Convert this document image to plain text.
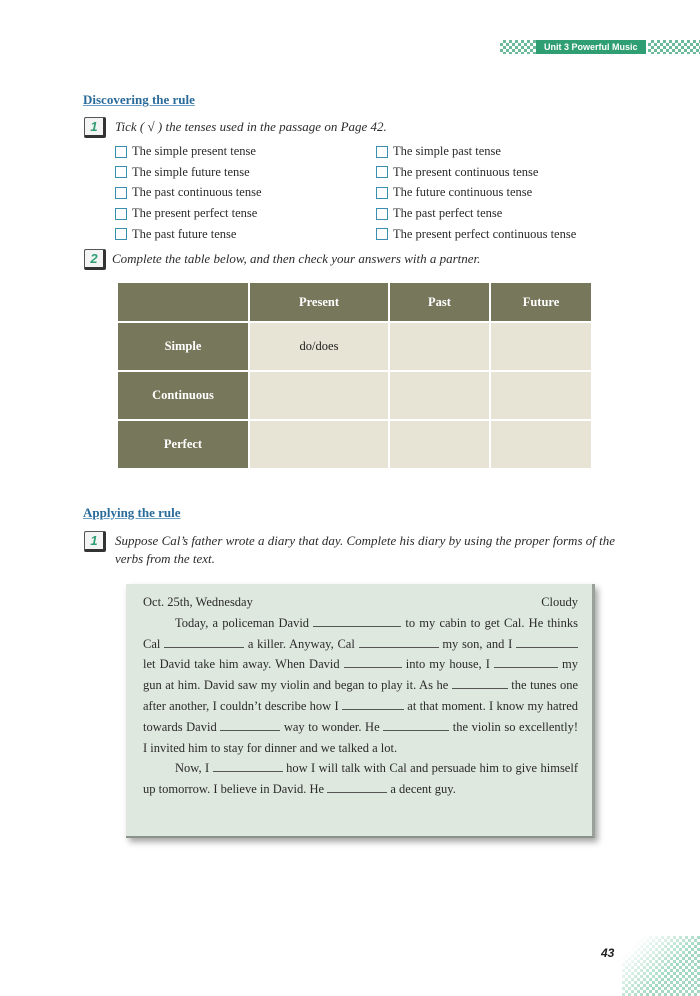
Unit 3 Powerful Music
Discovering the rule
1	Tick ( √ ) the tenses used in the passage on Page 42.
The simple present tense
The simple future tense
The past continuous tense
The present perfect tense
The past future tense
The simple past tense
The present continuous tense
The future continuous tense
The past perfect tense
The present perfect continuous tense
2	Complete the table below, and then check your answers with a partner.
	Present	Past	Future
Simple	do/does		
Continuous			
Perfect			
Applying the rule
1	Suppose Cal’s father wrote a diary that day. Complete his diary by using the proper forms of the verbs from the text.
Oct. 25th, Wednesday	Cloudy
Today, a policeman David	to my cabin to get Cal. He thinks Cal	a killer. Anyway, Cal	my son, and I  let David take him away. When David	into my house, I	my gun at him. David saw my violin and began to play it. As he	the tunes one after another, I couldn’t describe how I	at that moment. I know my hatred towards David	way to wonder. He	the violin so excellently! I invited him to stay for dinner and we talked a lot.
Now, I	how I will talk with Cal and persuade him to give himself up tomorrow. I believe in David. He	a decent guy.
43
